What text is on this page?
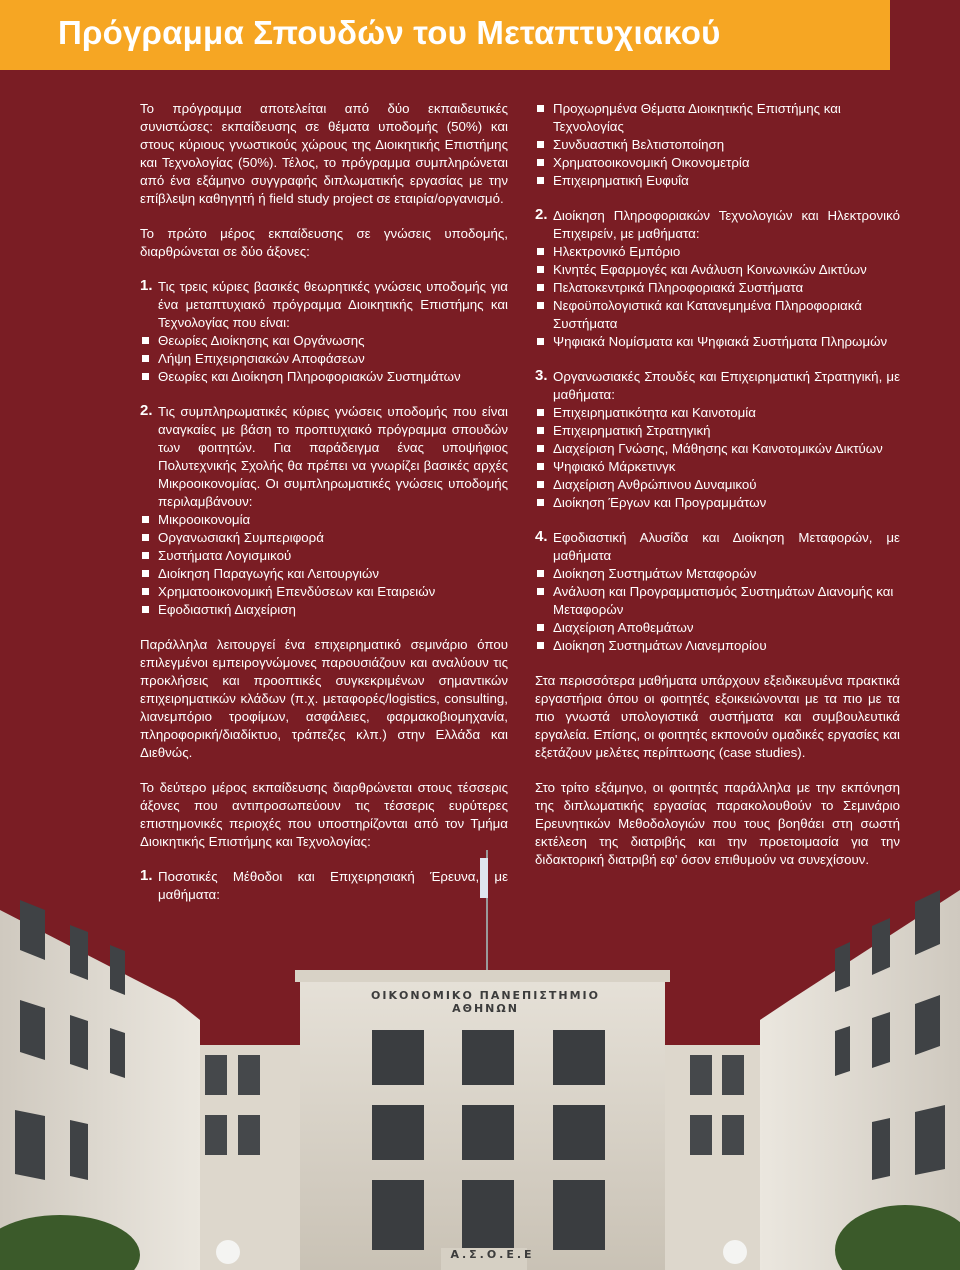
Πρόγραμμα Σπουδών του Μεταπτυχιακού
ΟΙΚΟΝΟΜΙΚΟ ΠΑΝΕΠΙΣΤΗΜΙΟ ΑΘΗΝΩΝ
Α.Σ.Ο.Ε.Ε

Το πρόγραμμα αποτελείται από δύο εκπαιδευτικές συνιστώσες: εκπαίδευσης σε θέματα υποδομής (50%) και στους κύριους γνωστικούς χώρους της Διοικητικής Επιστήμης και Τεχνολογίας (50%). Τέλος, το πρόγραμμα συμπληρώνεται από ένα εξάμηνο συγγραφής διπλωματικής εργασίας με την επίβλεψη καθηγητή ή field study project σε εταιρία/οργανισμό.

Το πρώτο μέρος εκπαίδευσης σε γνώσεις υποδομής, διαρθρώνεται σε δύο άξονες:

1. Τις τρεις κύριες βασικές θεωρητικές γνώσεις υποδομής για ένα μεταπτυχιακό πρόγραμμα Διοικητικής Επιστήμης και Τεχνολογίας που είναι:

Θεωρίες Διοίκησης και Οργάνωσης
Λήψη Επιχειρησιακών Αποφάσεων
Θεωρίες και Διοίκηση Πληροφοριακών Συστημάτων
2. Τις συμπληρωματικές κύριες γνώσεις υποδομής που είναι αναγκαίες με βάση το προπτυχιακό πρόγραμμα σπουδών των φοιτητών. Για παράδειγμα ένας υποψήφιος Πολυτεχνικής Σχολής θα πρέπει να γνωρίζει βασικές αρχές Μικροοικονομίας. Οι συμπληρωματικές γνώσεις υποδομής περιλαμβάνουν:

Μικροοικονομία
Οργανωσιακή Συμπεριφορά
Συστήματα Λογισμικού
Διοίκηση Παραγωγής και Λειτουργιών
Χρηματοοικονομική Επενδύσεων και Εταιρειών
Εφοδιαστική Διαχείριση

Παράλληλα λειτουργεί ένα επιχειρηματικό σεμινάριο όπου επιλεγμένοι εμπειρογνώμονες παρουσιάζουν και αναλύουν τις προκλήσεις και προοπτικές συγκεκριμένων σημαντικών επιχειρηματικών κλάδων (π.χ. μεταφορές/logistics, consulting, λιανεμπόριο τροφίμων, ασφάλειες, φαρμακοβιομηχανία, πληροφορική/διαδίκτυο, τράπεζες κλπ.) στην Ελλάδα και Διεθνώς.

Το δεύτερο μέρος εκπαίδευσης διαρθρώνεται στους τέσσερις άξονες που αντιπροσωπεύουν τις τέσσερις ευρύτερες επιστημονικές περιοχές που υποστηρίζονται από τον Τμήμα Διοικητικής Επιστήμης και Τεχνολογίας:

1. Ποσοτικές Μέθοδοι και Επιχειρησιακή Έρευνα, με μαθήματα:

Προχωρημένα Θέματα Διοικητικής Επιστήμης και Τεχνολογίας
Συνδυαστική Βελτιστοποίηση
Χρηματοοικονομική Οικονομετρία
Επιχειρηματική Ευφυΐα
2. Διοίκηση Πληροφοριακών Τεχνολογιών και Ηλεκτρονικό Επιχειρείν, με μαθήματα:

Ηλεκτρονικό Εμπόριο
Κινητές Εφαρμογές και Ανάλυση Κοινωνικών Δικτύων
Πελατοκεντρικά Πληροφοριακά Συστήματα
Νεφοϋπολογιστικά και Κατανεμημένα Πληροφοριακά Συστήματα
Ψηφιακά Νομίσματα και Ψηφιακά Συστήματα Πληρωμών
3. Οργανωσιακές Σπουδές και Επιχειρηματική Στρατηγική, με μαθήματα:

Επιχειρηματικότητα και Καινοτομία
Επιχειρηματική Στρατηγική
Διαχείριση Γνώσης, Μάθησης και Καινοτομικών Δικτύων
Ψηφιακό Μάρκετινγκ
Διαχείριση Ανθρώπινου Δυναμικού
Διοίκηση Έργων και Προγραμμάτων
4. Εφοδιαστική Αλυσίδα και Διοίκηση Μεταφορών, με μαθήματα

Διοίκηση Συστημάτων Μεταφορών
Ανάλυση και Προγραμματισμός Συστημάτων Διανομής και Μεταφορών
Διαχείριση Αποθεμάτων
Διοίκηση Συστημάτων Λιανεμπορίου

Στα περισσότερα μαθήματα υπάρχουν εξειδικευμένα πρακτικά εργαστήρια όπου οι φοιτητές εξοικειώνονται με τα πιο με τα πιο γνωστά υπολογιστικά συστήματα και συμβουλευτικά εργαλεία. Επίσης, οι φοιτητές εκπονούν ομαδικές εργασίες και εξετάζουν μελέτες περίπτωσης (case studies).

Στο τρίτο εξάμηνο, οι φοιτητές παράλληλα με την εκπόνηση της διπλωματικής εργασίας παρακολουθούν το Σεμινάριο Ερευνητικών Μεθοδολογιών που τους βοηθάει στη σωστή εκτέλεση της διατριβής και την προετοιμασία για την διδακτορική διατριβή εφ' όσον επιθυμούν να συνεχίσουν.
